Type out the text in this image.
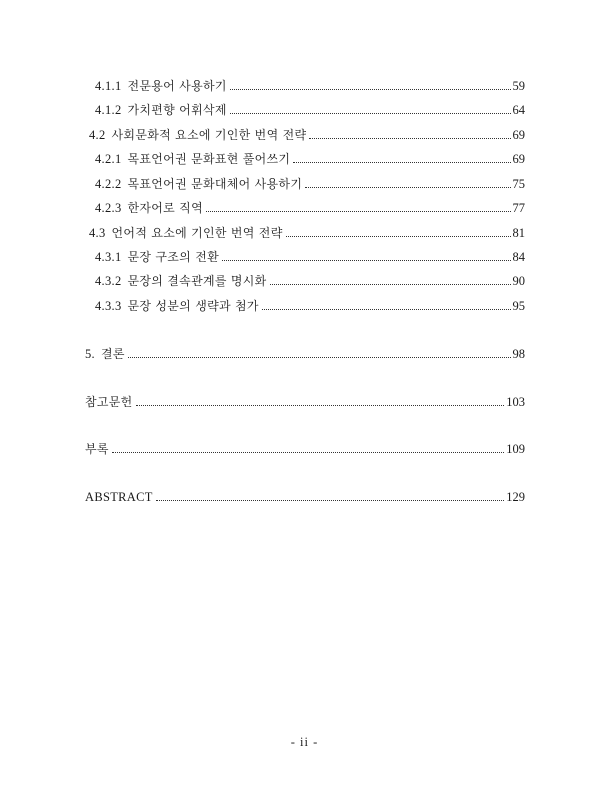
4.1.1 전문용어 사용하기	59
4.1.2 가치편향 어휘삭제	64
4.2 사회문화적 요소에 기인한 번역 전략	69
4.2.1 목표언어권 문화표현 풀어쓰기	69
4.2.2 목표언어권 문화대체어 사용하기	75
4.2.3 한자어로 직역	77
4.3 언어적 요소에 기인한 번역 전략	81
4.3.1 문장 구조의 전환	84
4.3.2 문장의 결속관계를 명시화	90
4.3.3 문장 성분의 생략과 첨가	95
5. 결론	98
참고문헌	103
부록	109
ABSTRACT	129
- ii -
